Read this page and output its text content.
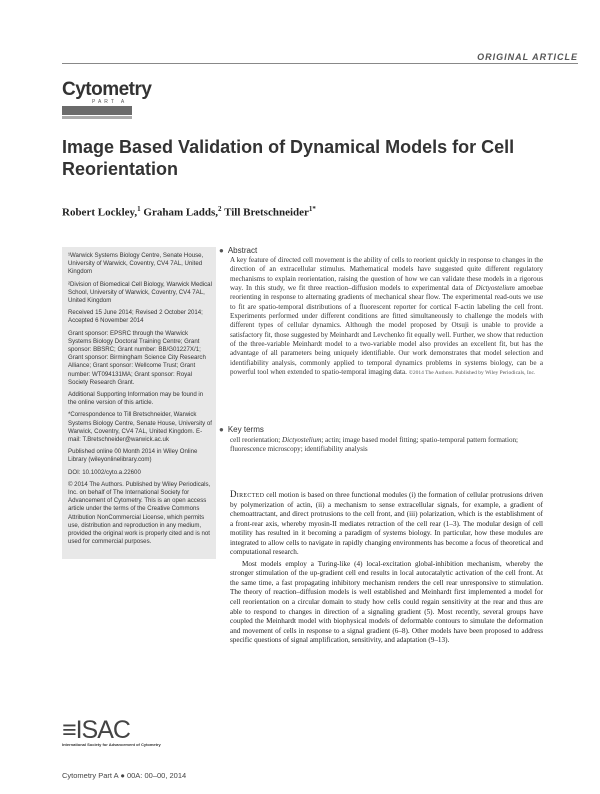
ORIGINAL ARTICLE
Cytometry
PART A
Image Based Validation of Dynamical Models for Cell Reorientation
Robert Lockley,$^1$ Graham Ladds,$^2$ Till Bretschneider$^{1*}$

¹Warwick Systems Biology Centre, Senate House, University of Warwick, Coventry, CV4 7AL, United Kingdom

²Division of Biomedical Cell Biology, Warwick Medical School, University of Warwick, Coventry, CV4 7AL, United Kingdom

Received 15 June 2014; Revised 2 October 2014; Accepted 6 November 2014

Grant sponsor: EPSRC through the Warwick Systems Biology Doctoral Training Centre; Grant sponsor: BBSRC; Grant number: BB/G01227X/1; Grant sponsor: Birmingham Science City Research Alliance; Grant sponsor: Wellcome Trust; Grant number: WT094131MA; Grant sponsor: Royal Society Research Grant.

Additional Supporting Information may be found in the online version of this article.

*Correspondence to Till Bretschneider, Warwick Systems Biology Centre, Senate House, University of Warwick, Coventry, CV4 7AL, United Kingdom. E-mail: T.Bretschneider@warwick.ac.uk

Published online 00 Month 2014 in Wiley Online Library (wileyonlinelibrary.com)

DOI: 10.1002/cyto.a.22600

© 2014 The Authors. Published by Wiley Periodicals, Inc. on behalf of The International Society for Advancement of Cytometry. This is an open access article under the terms of the Creative Commons Attribution NonCommercial License, which permits use, distribution and reproduction in any medium, provided the original work is properly cited and is not used for commercial purposes.

● Abstract
A key feature of directed cell movement is the ability of cells to reorient quickly in response to changes in the direction of an extracellular stimulus. Mathematical models have suggested quite different regulatory mechanisms to explain reorientation, raising the question of how we can validate these models in a rigorous way. In this study, we fit three reaction–diffusion models to experimental data of Dictyostelium amoebae reorienting in response to alternating gradients of mechanical shear flow. The experimental read-outs we use to fit are spatio-temporal distributions of a fluorescent reporter for cortical F-actin labeling the cell front. Experiments performed under different conditions are fitted simultaneously to challenge the models with different types of cellular dynamics. Although the model proposed by Otsuji is unable to provide a satisfactory fit, those suggested by Meinhardt and Levchenko fit equally well. Further, we show that reduction of the three-variable Meinhardt model to a two-variable model also provides an excellent fit, but has the advantage of all parameters being uniquely identifiable. Our work demonstrates that model selection and identifiability analysis, commonly applied to temporal dynamics problems in systems biology, can be a powerful tool when extended to spatio-temporal imaging data. ©2014 The Authors. Published by Wiley Periodicals, Inc.
● Key terms
cell reorientation; Dictyostelium; actin; image based model fitting; spatio-temporal pattern formation; fluorescence microscopy; identifiability analysis

Directed cell motion is based on three functional modules (i) the formation of cellular protrusions driven by polymerization of actin, (ii) a mechanism to sense extracellular signals, for example, a gradient of chemoattractant, and direct protrusions to the cell front, and (iii) polarization, which is the establishment of a front-rear axis, whereby myosin-II mediates retraction of the cell rear (1–3). The modular design of cell motility has resulted in it becoming a paradigm of systems biology. In particular, how these modules are integrated to allow cells to navigate in rapidly changing environments has become a focus of theoretical and computational research.

Most models employ a Turing-like (4) local-excitation global-inhibition mechanism, whereby the stronger stimulation of the up-gradient cell end results in local autocatalytic activation of the cell front. At the same time, a fast propagating inhibitory mechanism renders the cell rear unresponsive to stimulation. The theory of reaction–diffusion models is well established and Meinhardt first implemented a model for cell reorientation on a circular domain to study how cells could regain sensitivity at the rear and thus are able to respond to changes in direction of a signaling gradient (5). Most recently, several groups have coupled the Meinhardt model with biophysical models of deformable contours to simulate the deformation and movement of cells in response to a signal gradient (6–8). Other models have been proposed to address specific questions of signal amplification, sensitivity, and adaptation (9–13).

≡ISAC
International Society for Advancement of Cytometry
Cytometry Part A ● 00A: 00–00, 2014
